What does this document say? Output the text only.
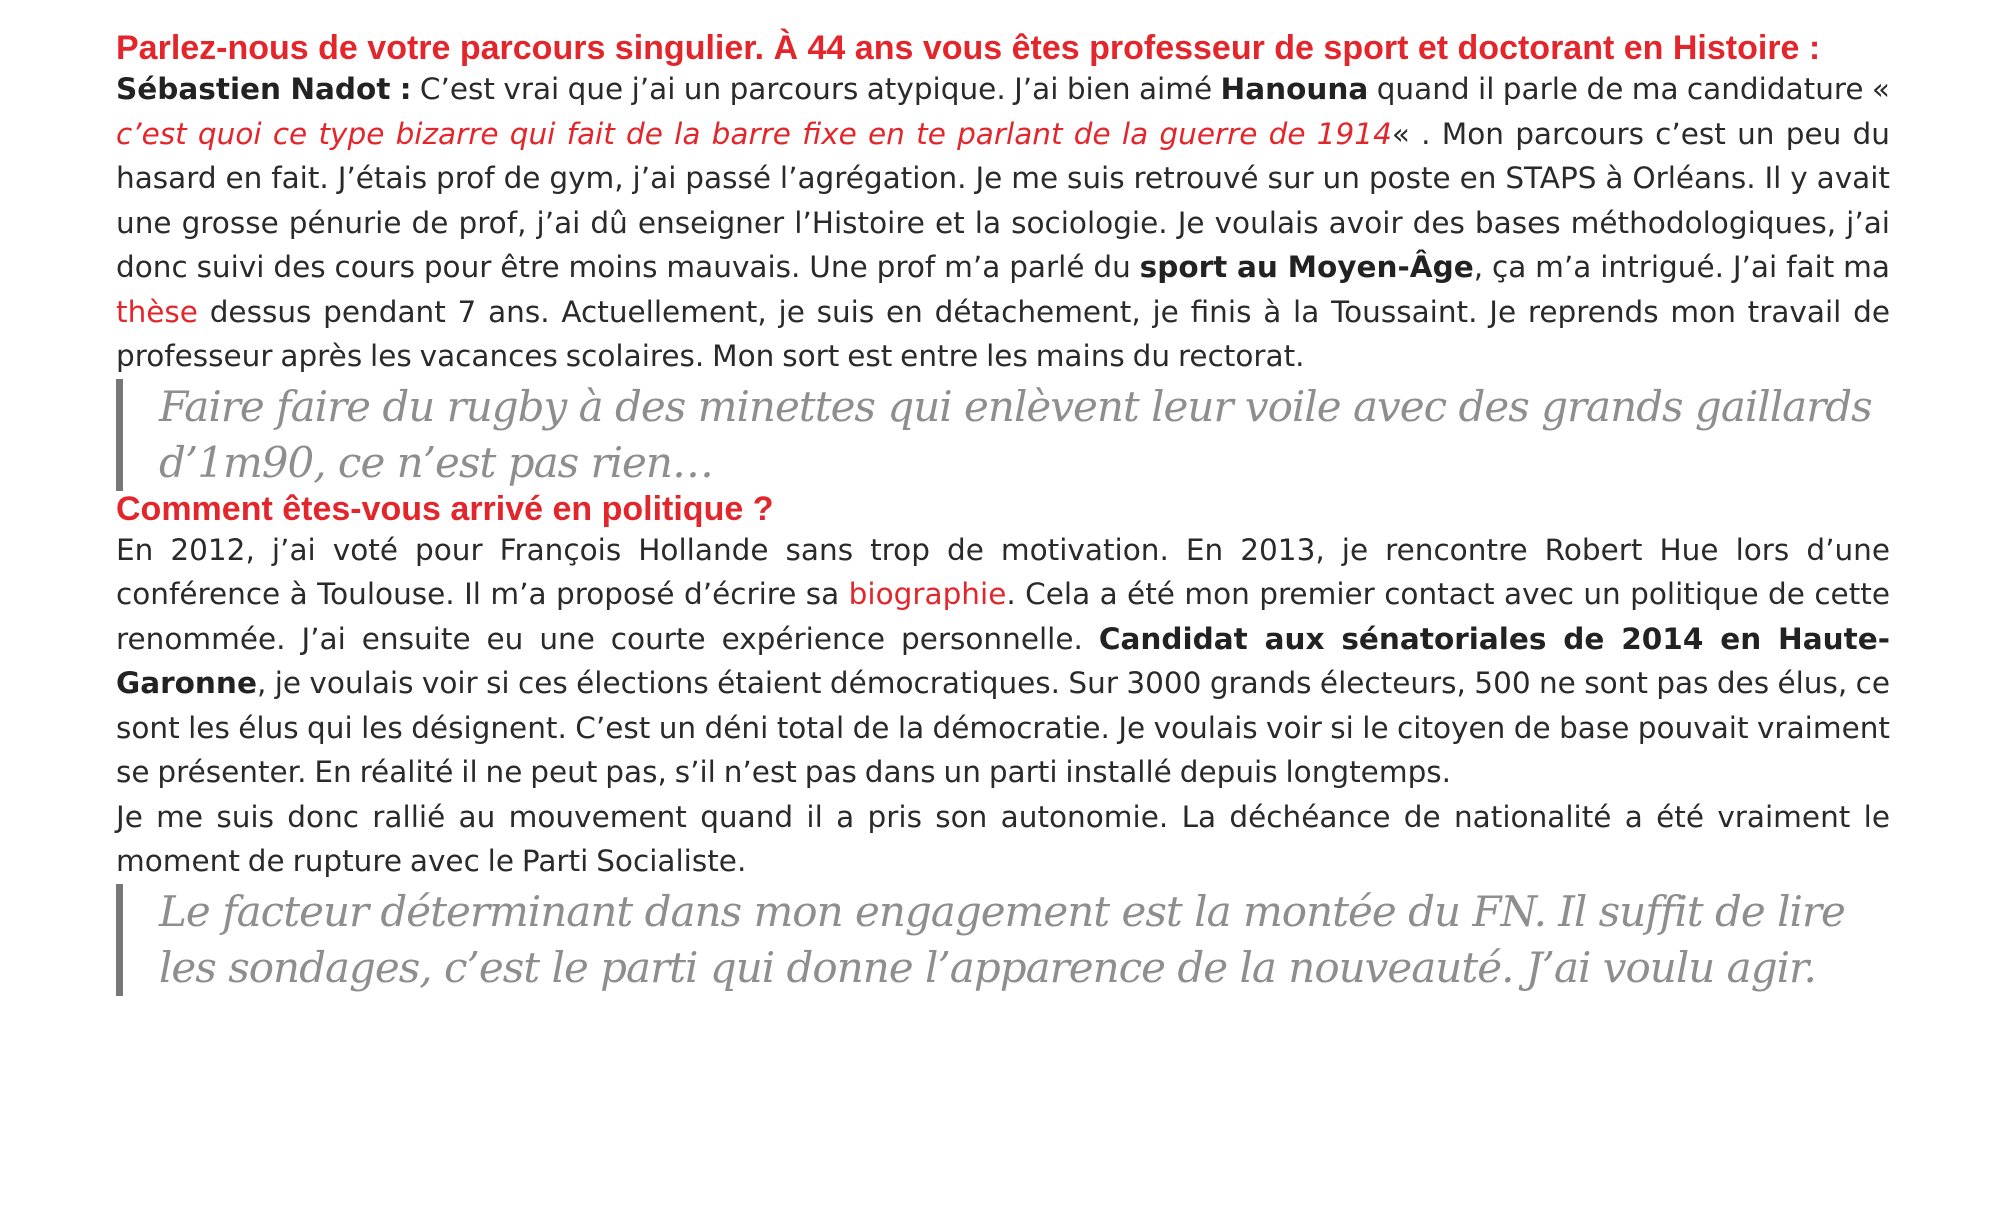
Parlez-nous de votre parcours singulier. À 44 ans vous êtes professeur de sport et doctorant en Histoire :

Sébastien Nadot : C’est vrai que j’ai un parcours atypique. J’ai bien aimé Hanouna quand il parle de ma candidature « c’est quoi ce type bizarre qui fait de la barre fixe en te parlant de la guerre de 1914« . Mon parcours c’est un peu du hasard en fait. J’étais prof de gym, j’ai passé l’agrégation. Je me suis retrouvé sur un poste en STAPS à Orléans. Il y avait une grosse pénurie de prof, j’ai dû enseigner l’Histoire et la sociologie. Je voulais avoir des bases méthodologiques, j’ai donc suivi des cours pour être moins mauvais. Une prof m’a parlé du sport au Moyen-Âge, ça m’a intrigué. J’ai fait ma thèse dessus pendant 7 ans. Actuellement, je suis en détachement, je finis à la Toussaint. Je reprends mon travail de professeur après les vacances scolaires. Mon sort est entre les mains du rectorat.

Faire faire du rugby à des minettes qui enlèvent leur voile avec des grands gaillards d’1m90, ce n’est pas rien…
Comment êtes-vous arrivé en politique ?

En 2012, j’ai voté pour François Hollande sans trop de motivation. En 2013, je rencontre Robert Hue lors d’une conférence à Toulouse. Il m’a proposé d’écrire sa biographie. Cela a été mon premier contact avec un politique de cette renommée. J’ai ensuite eu une courte expérience personnelle. Candidat aux sénatoriales de 2014 en Haute-Garonne, je voulais voir si ces élections étaient démocratiques. Sur 3000 grands électeurs, 500 ne sont pas des élus, ce sont les élus qui les désignent. C’est un déni total de la démocratie. Je voulais voir si le citoyen de base pouvait vraiment se présenter. En réalité il ne peut pas, s’il n’est pas dans un parti installé depuis longtemps.

Je me suis donc rallié au mouvement quand il a pris son autonomie. La déchéance de nationalité a été vraiment le moment de rupture avec le Parti Socialiste.

Le facteur déterminant dans mon engagement est la montée du FN. Il suffit de lire les sondages, c’est le parti qui donne l’apparence de la nouveauté. J’ai voulu agir.
